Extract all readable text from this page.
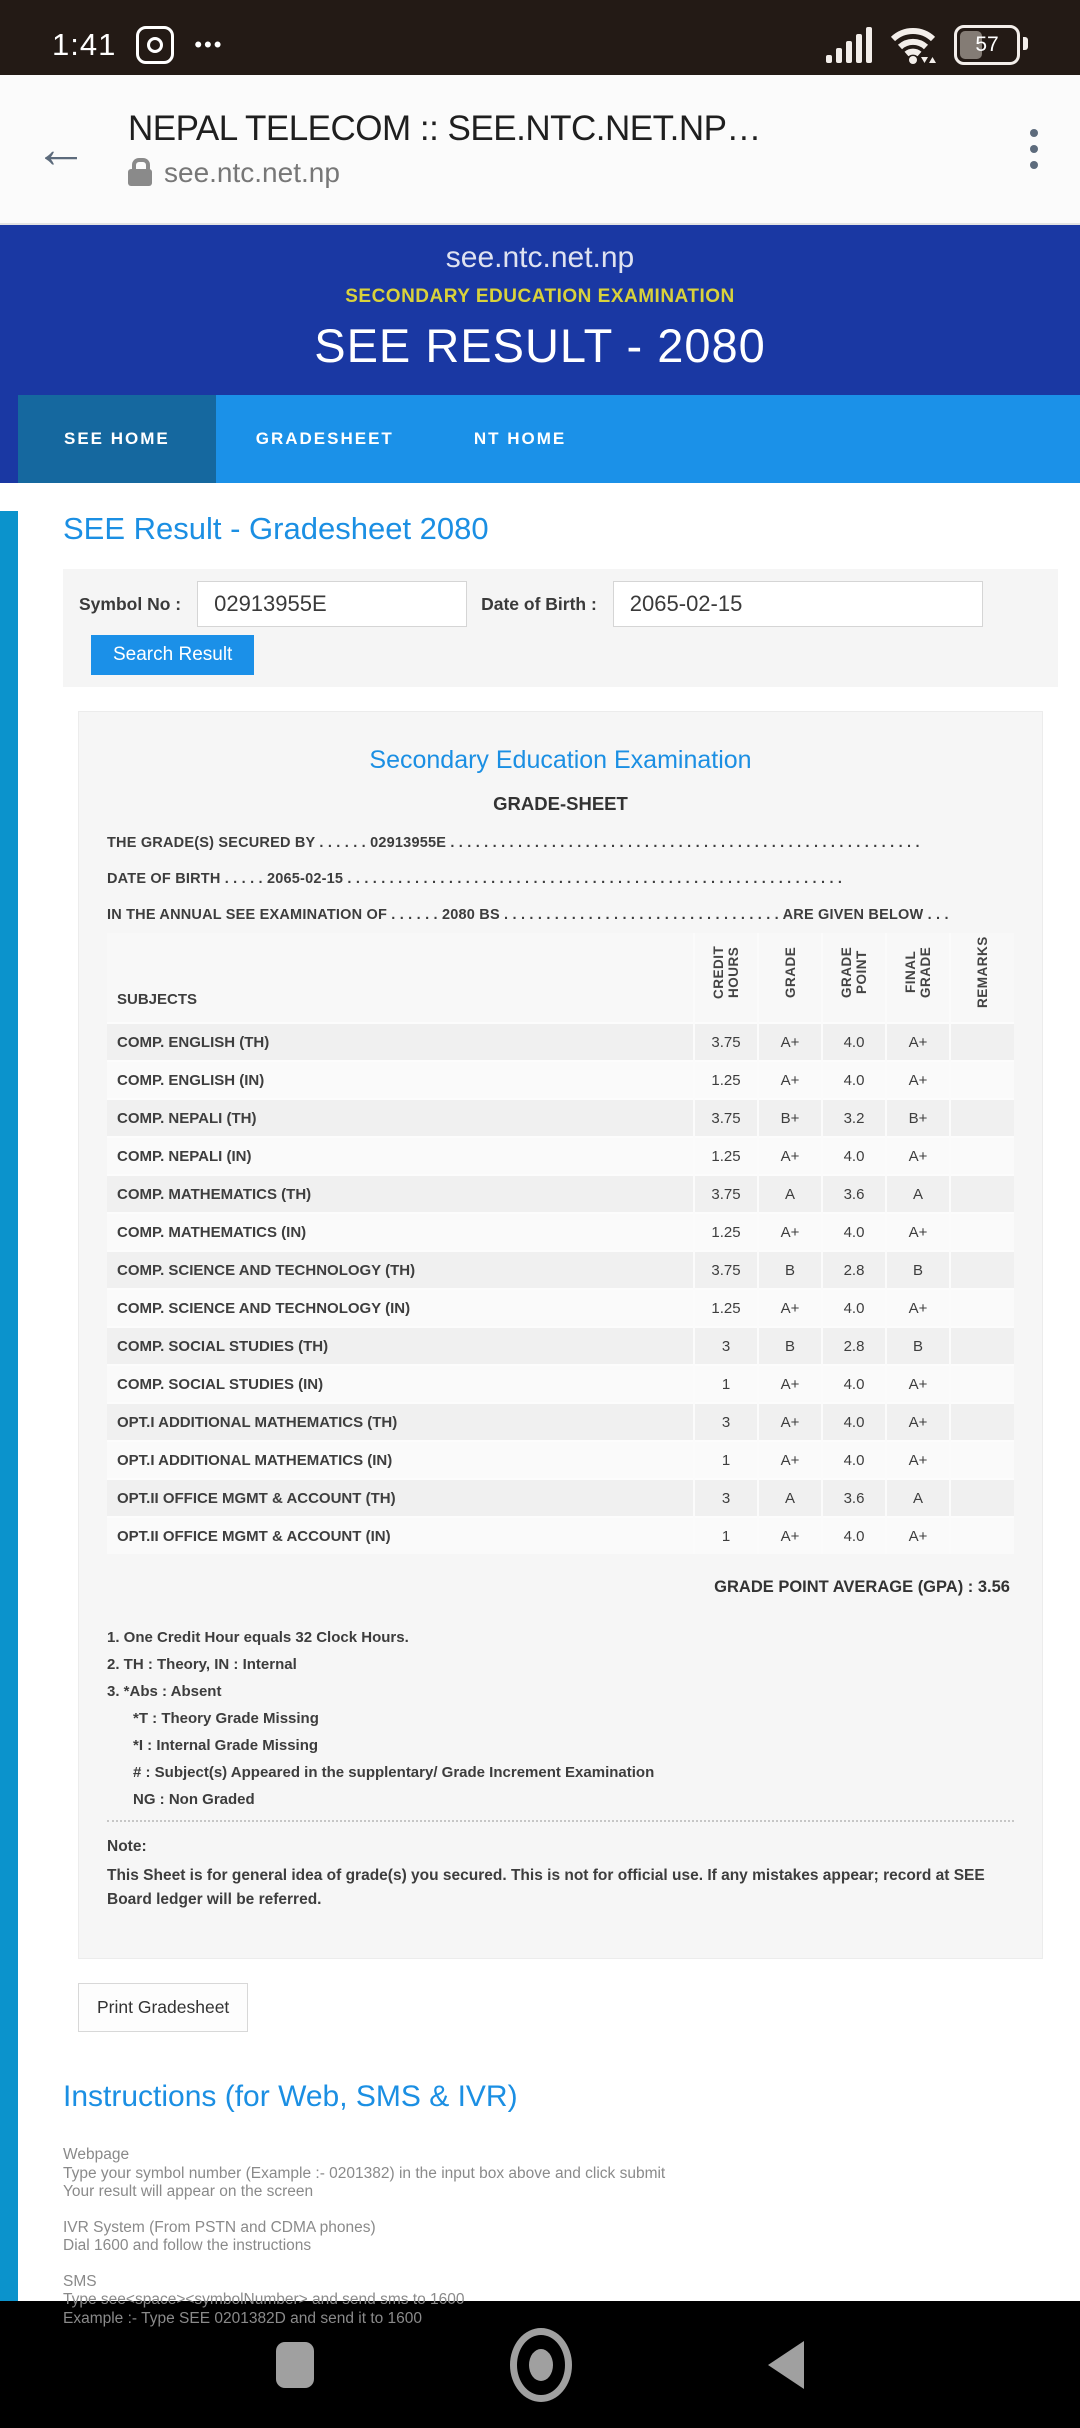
1:41	•••	57
←	NEPAL TELECOM :: SEE.NTC.NET.NP…
see.ntc.net.np
see.ntc.net.np
SECONDARY EDUCATION EXAMINATION
SEE RESULT - 2080
SEE HOME	GRADESHEET	NT HOME
SEE Result - Gradesheet 2080
Symbol No :
02913955E	Date of Birth :
2065-02-15
Search Result
Secondary Education Examination
GRADE-SHEET
THE GRADE(S) SECURED BY . . . . . . 02913955E . . . . . . . . . . . . . . . . . . . . . . . . . . . . . . . . . . . . . . . . . . . . . . . . . . . . . . . .
DATE OF BIRTH . . . . . 2065-02-15 . . . . . . . . . . . . . . . . . . . . . . . . . . . . . . . . . . . . . . . . . . . . . . . . . . . . . . . . . . .
IN THE ANNUAL SEE EXAMINATION OF . . . . . . 2080 BS . . . . . . . . . . . . . . . . . . . . . . . . . . . . . . . . . ARE GIVEN BELOW . . .
SUBJECTS	CREDIT HOURS	GRADE	GRADE POINT	FINAL GRADE	REMARKS
COMP. ENGLISH (TH)	3.75	A+	4.0	A+	
COMP. ENGLISH (IN)	1.25	A+	4.0	A+	
COMP. NEPALI (TH)	3.75	B+	3.2	B+	
COMP. NEPALI (IN)	1.25	A+	4.0	A+	
COMP. MATHEMATICS (TH)	3.75	A	3.6	A	
COMP. MATHEMATICS (IN)	1.25	A+	4.0	A+	
COMP. SCIENCE AND TECHNOLOGY (TH)	3.75	B	2.8	B	
COMP. SCIENCE AND TECHNOLOGY (IN)	1.25	A+	4.0	A+	
COMP. SOCIAL STUDIES (TH)	3	B	2.8	B	
COMP. SOCIAL STUDIES (IN)	1	A+	4.0	A+	
OPT.I ADDITIONAL MATHEMATICS (TH)	3	A+	4.0	A+	
OPT.I ADDITIONAL MATHEMATICS (IN)	1	A+	4.0	A+	
OPT.II OFFICE MGMT & ACCOUNT (TH)	3	A	3.6	A	
OPT.II OFFICE MGMT & ACCOUNT (IN)	1	A+	4.0	A+	
GRADE POINT AVERAGE (GPA) : 3.56
1. One Credit Hour equals 32 Clock Hours.
2. TH : Theory, IN : Internal
3. *Abs : Absent
*T : Theory Grade Missing
*I : Internal Grade Missing
# : Subject(s) Appeared in the supplentary/ Grade Increment Examination
NG : Non Graded
Note:
This Sheet is for general idea of grade(s) you secured. This is not for official use. If any mistakes appear; record at SEE Board ledger will be referred.
Print Gradesheet
Instructions (for Web, SMS & IVR)
Webpage
Type your symbol number (Example :- 0201382) in the input box above and click submit
Your result will appear on the screen
IVR System (From PSTN and CDMA phones)
Dial 1600 and follow the instructions
SMS
Type see<space><symbolNumber> and send sms to 1600
Example :- Type SEE 0201382D and send it to 1600
